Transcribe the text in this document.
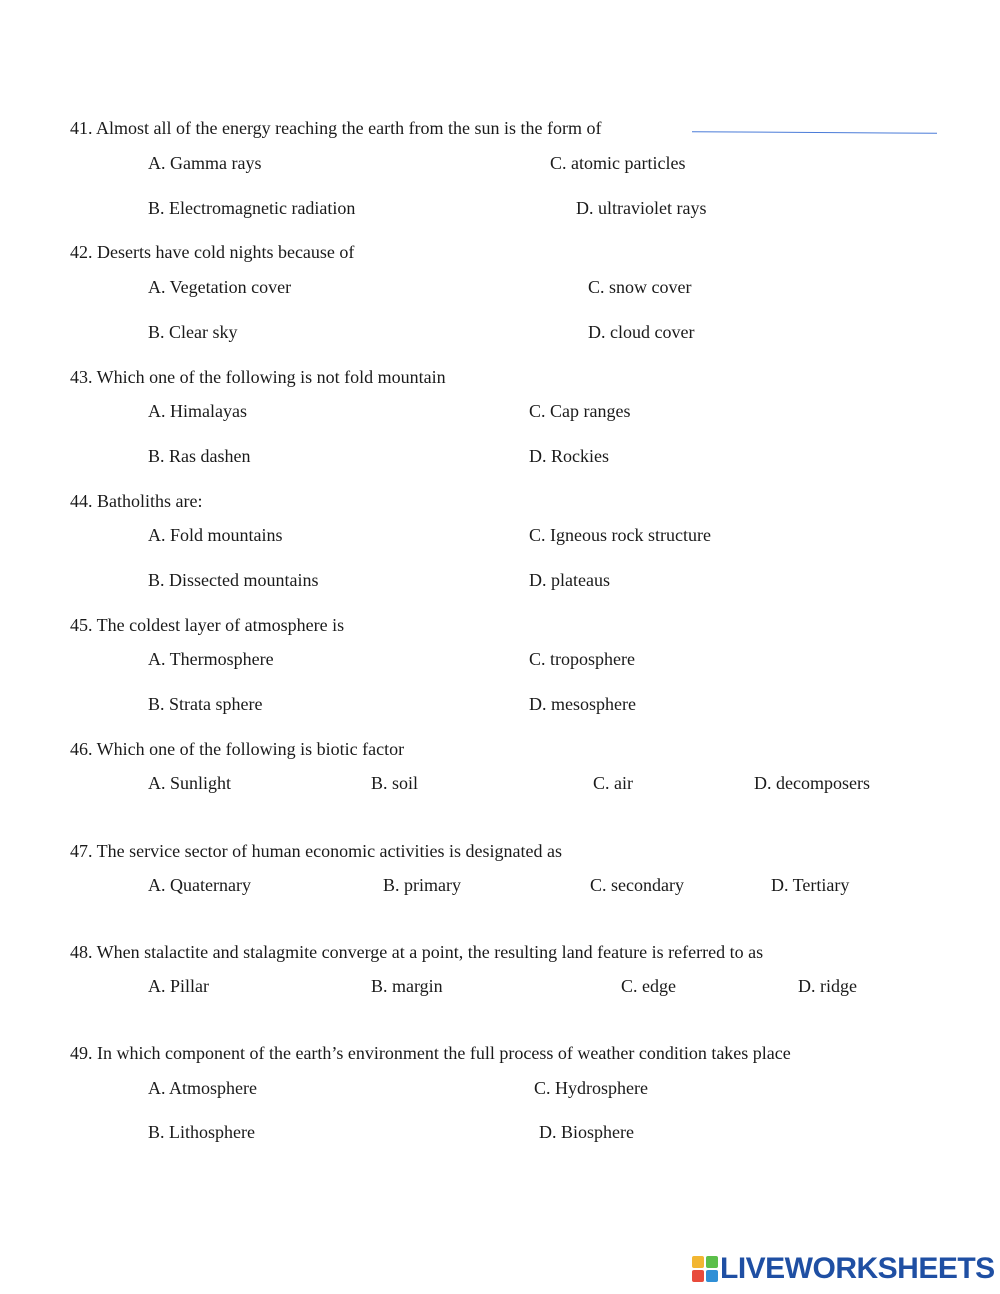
41. Almost all of the energy reaching the earth from the sun is the form of
A. Gamma rays	C. atomic particles
B. Electromagnetic radiation	D. ultraviolet rays
42. Deserts have cold nights because of
A. Vegetation cover	C. snow cover
B. Clear sky	D. cloud cover
43. Which one of the following is not fold mountain
A. Himalayas	C. Cap ranges
B. Ras dashen	D. Rockies
44. Batholiths are:
A. Fold mountains	C. Igneous rock structure
B. Dissected mountains	D. plateaus
45. The coldest layer of atmosphere is
A. Thermosphere	C. troposphere
B. Strata sphere	D. mesosphere
46. Which one of the following is biotic factor
A. Sunlight	B. soil	C. air	D. decomposers
47. The service sector of human economic activities is designated as
A. Quaternary	B. primary	C. secondary	D. Tertiary
48. When stalactite and stalagmite converge at a point, the resulting land feature is referred to as
A. Pillar	B. margin	C. edge	D. ridge
49. In which component of the earth’s environment the full process of weather condition takes place
A. Atmosphere	C. Hydrosphere
B. Lithosphere	D. Biosphere
LIVEWORKSHEETS
